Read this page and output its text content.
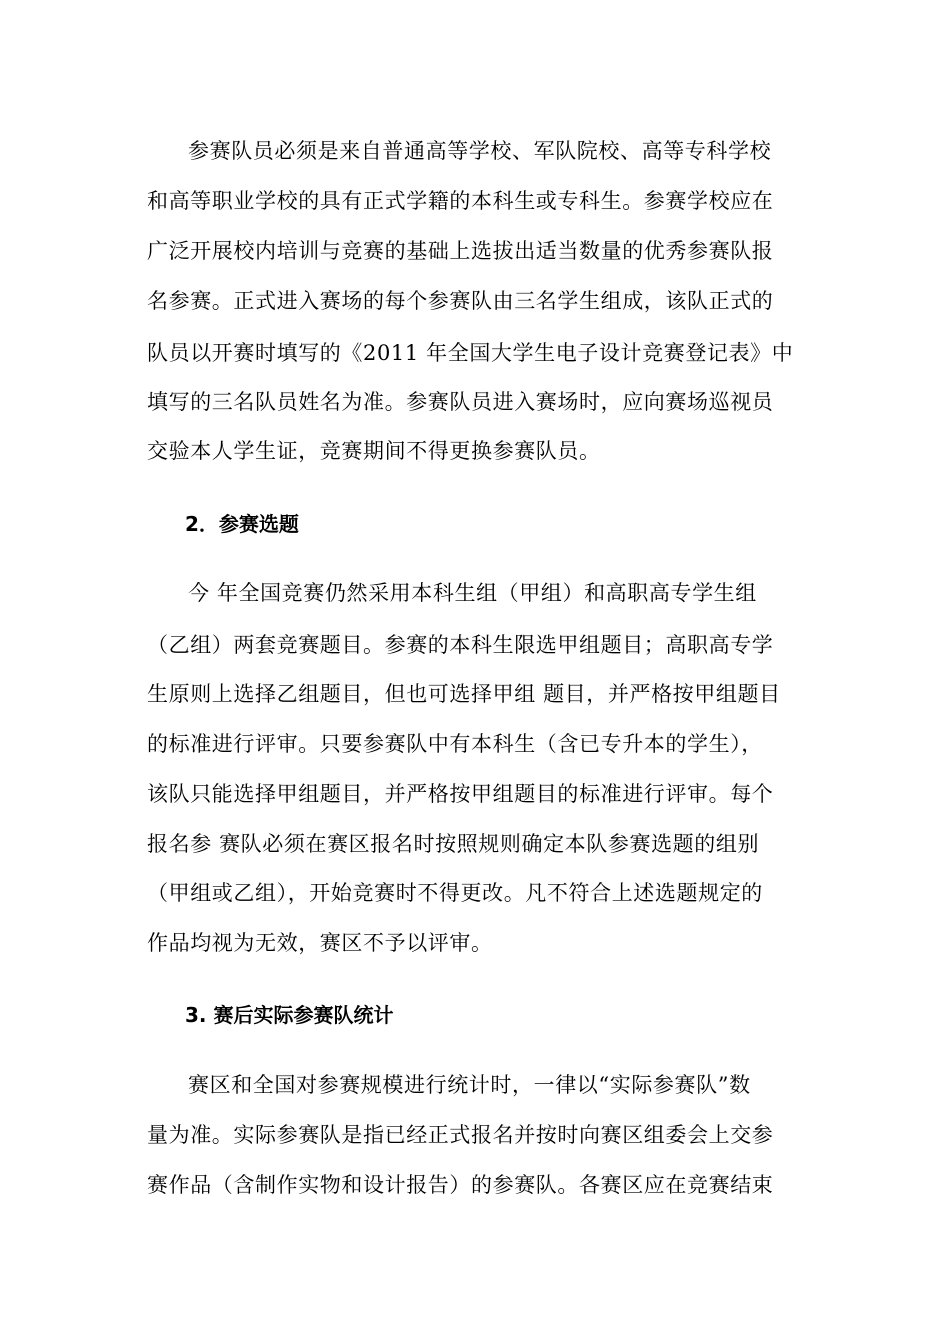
参赛队员必须是来自普通高等学校、军队院校、高等专科学校
和高等职业学校的具有正式学籍的本科生或专科生。参赛学校应在
广泛开展校内培训与竞赛的基础上选拔出适当数量的优秀参赛队报
名参赛。正式进入赛场的每个参赛队由三名学生组成，该队正式的
队员以开赛时填写的《2011 年全国大学生电子设计竞赛登记表》中
填写的三名队员姓名为准。参赛队员进入赛场时，应向赛场巡视员
交验本人学生证，竞赛期间不得更换参赛队员。
2．参赛选题
今 年全国竞赛仍然采用本科生组（甲组）和高职高专学生组
（乙组）两套竞赛题目。参赛的本科生限选甲组题目；高职高专学
生原则上选择乙组题目，但也可选择甲组 题目，并严格按甲组题目
的标准进行评审。只要参赛队中有本科生（含已专升本的学生），
该队只能选择甲组题目，并严格按甲组题目的标准进行评审。每个
报名参 赛队必须在赛区报名时按照规则确定本队参赛选题的组别
（甲组或乙组），开始竞赛时不得更改。凡不符合上述选题规定的
作品均视为无效，赛区不予以评审。
3. 赛后实际参赛队统计
赛区和全国对参赛规模进行统计时，一律以“实际参赛队”数
量为准。实际参赛队是指已经正式报名并按时向赛区组委会上交参
赛作品（含制作实物和设计报告）的参赛队。各赛区应在竞赛结束
